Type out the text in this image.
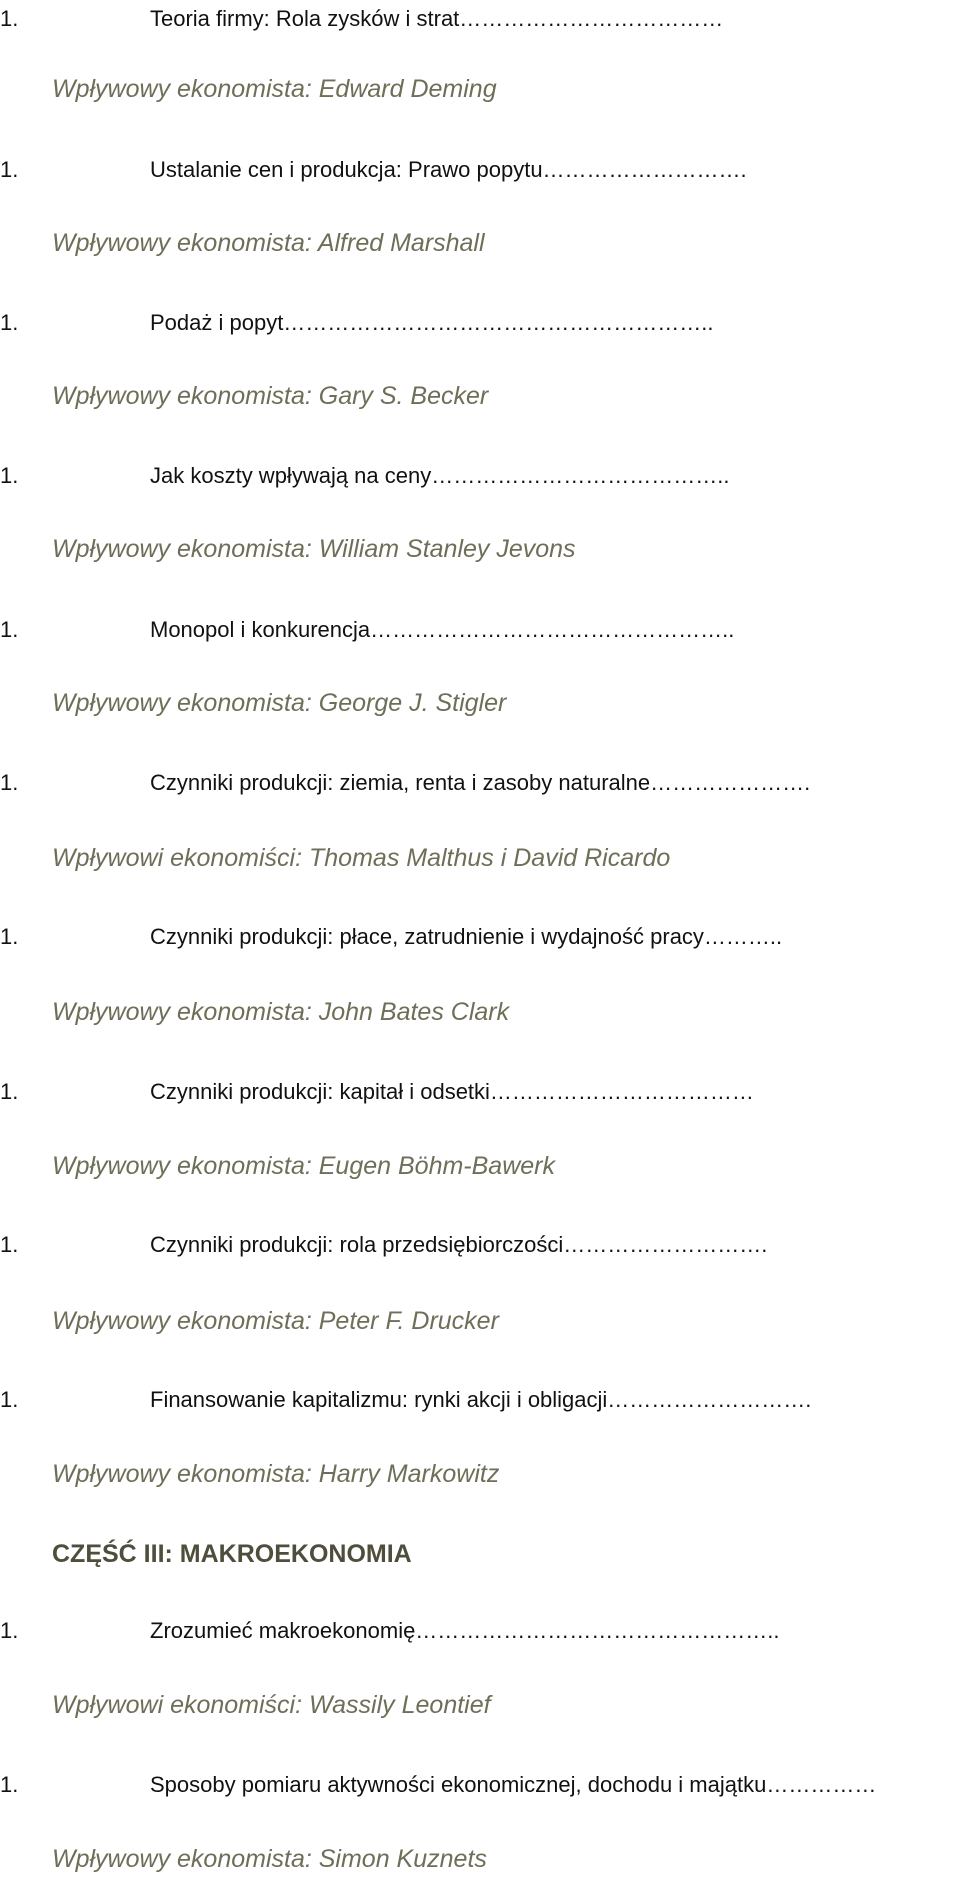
1.	Teoria firmy: Rola zysków i strat………………………………
Wpływowy ekonomista: Edward Deming
1.	Ustalanie cen i produkcja: Prawo popytu……………………….
Wpływowy ekonomista: Alfred Marshall
1.	Podaż i popyt…………………………………………………..
Wpływowy ekonomista: Gary S. Becker
1.	Jak koszty wpływają na ceny…………………………………..
Wpływowy ekonomista: William Stanley Jevons
1.	Monopol i konkurencja…………………………………………..
Wpływowy ekonomista: George J. Stigler
1.	Czynniki produkcji: ziemia, renta i zasoby naturalne………………….
Wpływowi ekonomiści: Thomas Malthus i David Ricardo
1.	Czynniki produkcji: płace, zatrudnienie i wydajność pracy………..
Wpływowy ekonomista: John Bates Clark
1.	Czynniki produkcji: kapitał i odsetki………………………………
Wpływowy ekonomista: Eugen Böhm-Bawerk
1.	Czynniki produkcji: rola przedsiębiorczości……………………….
Wpływowy ekonomista: Peter F. Drucker
1.	Finansowanie kapitalizmu: rynki akcji i obligacji……………………….
Wpływowy ekonomista: Harry Markowitz
CZĘŚĆ III: MAKROEKONOMIA
1.	Zrozumieć makroekonomię…………………………………………..
Wpływowi ekonomiści: Wassily Leontief
1.	Sposoby pomiaru aktywności ekonomicznej, dochodu i majątku……………
Wpływowy ekonomista: Simon Kuznets
